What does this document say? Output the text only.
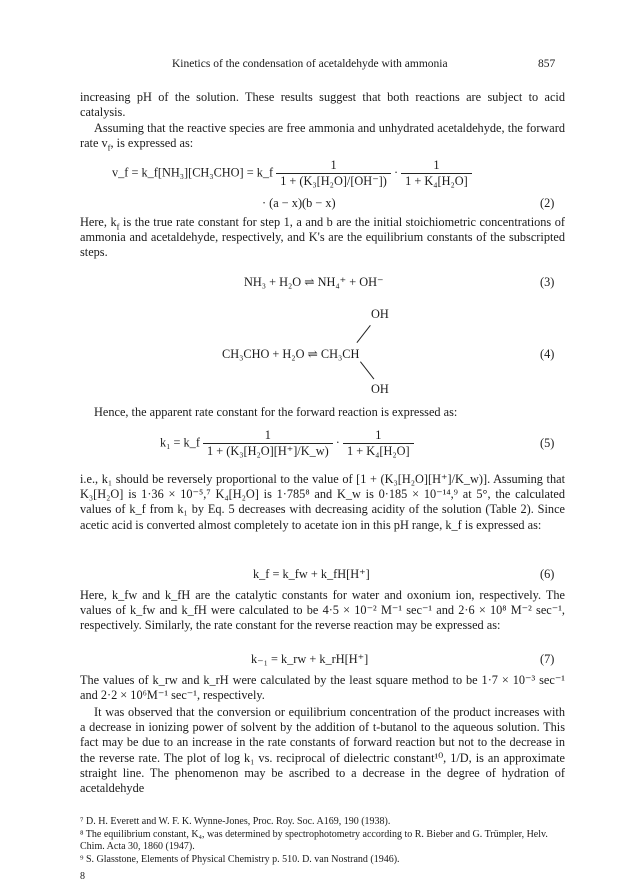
Kinetics of the condensation of acetaldehyde with ammonia	857
increasing pH of the solution. These results suggest that both reactions are subject to acid catalysis.
Assuming that the reactive species are free ammonia and unhydrated acetaldehyde, the forward rate $v_f$, is expressed as:
v_f = k_f[NH₃][CH₃CHO] = k_f $\frac{1}{\text{1 + (K₃[H₂O]/[OH⁻])}} \cdot \frac{1}{\text{1 + K₄[H₂O]}}$
· (a − x)(b − x)	(2)
Here, $k_f$ is the true rate constant for step 1, a and b are the initial stoichiometric concentrations of ammonia and acetaldehyde, respectively, and K's are the equilibrium constants of the subscripted steps.
NH₃ + H₂O ⇌ NH₄⁺ + OH⁻	(3)
OH
CH₃CHO + H₂O ⇌ CH₃CH
OH
(4)
Hence, the apparent rate constant for the forward reaction is expressed as:
k₁ = k_f $\frac{1}{\text{1 + (K₃[H₂O][H⁺]/K\_w)}} \cdot \frac{1}{\text{1 + K₄[H₂O]}}$	(5)
i.e., k₁ should be reversely proportional to the value of [1 + (K₃[H₂O][H⁺]/K_w)]. Assuming that K₃[H₂O] is 1·36 × 10⁻⁵,⁷ K₄[H₂O] is 1·785⁸ and K_w is 0·185 × 10⁻¹⁴,⁹ at 5°, the calculated values of k_f from k₁ by Eq. 5 decreases with decreasing acidity of the solution (Table 2). Since acetic acid is converted almost completely to acetate ion in this pH range, k_f is expressed as:
k_f = k_fw + k_fH[H⁺]	(6)
Here, k_fw and k_fH are the catalytic constants for water and oxonium ion, respectively. The values of k_fw and k_fH were calculated to be 4·5 × 10⁻² M⁻¹ sec⁻¹ and 2·6 × 10⁸ M⁻² sec⁻¹, respectively. Similarly, the rate constant for the reverse reaction may be expressed as:
k₋₁ = k_rw + k_rH[H⁺]	(7)
The values of k_rw and k_rH were calculated by the least square method to be 1·7 × 10⁻³ sec⁻¹ and 2·2 × 10⁶M⁻¹ sec⁻¹, respectively.
It was observed that the conversion or equilibrium concentration of the product increases with a decrease in ionizing power of solvent by the addition of t-butanol to the aqueous solution. This fact may be due to an increase in the rate constants of forward reaction but not to the decrease in the reverse rate. The plot of log k₁ vs. reciprocal of dielectric constant¹⁰, 1/D, is an approximate straight line. The phenomenon may be ascribed to a decrease in the degree of hydration of acetaldehyde
⁷ D. H. Everett and W. F. K. Wynne-Jones, Proc. Roy. Soc. A169, 190 (1938).
⁸ The equilibrium constant, K₄, was determined by spectrophotometry according to R. Bieber and G. Trümpler, Helv. Chim. Acta 30, 1860 (1947).
⁹ S. Glasstone, Elements of Physical Chemistry p. 510. D. van Nostrand (1946).
8
